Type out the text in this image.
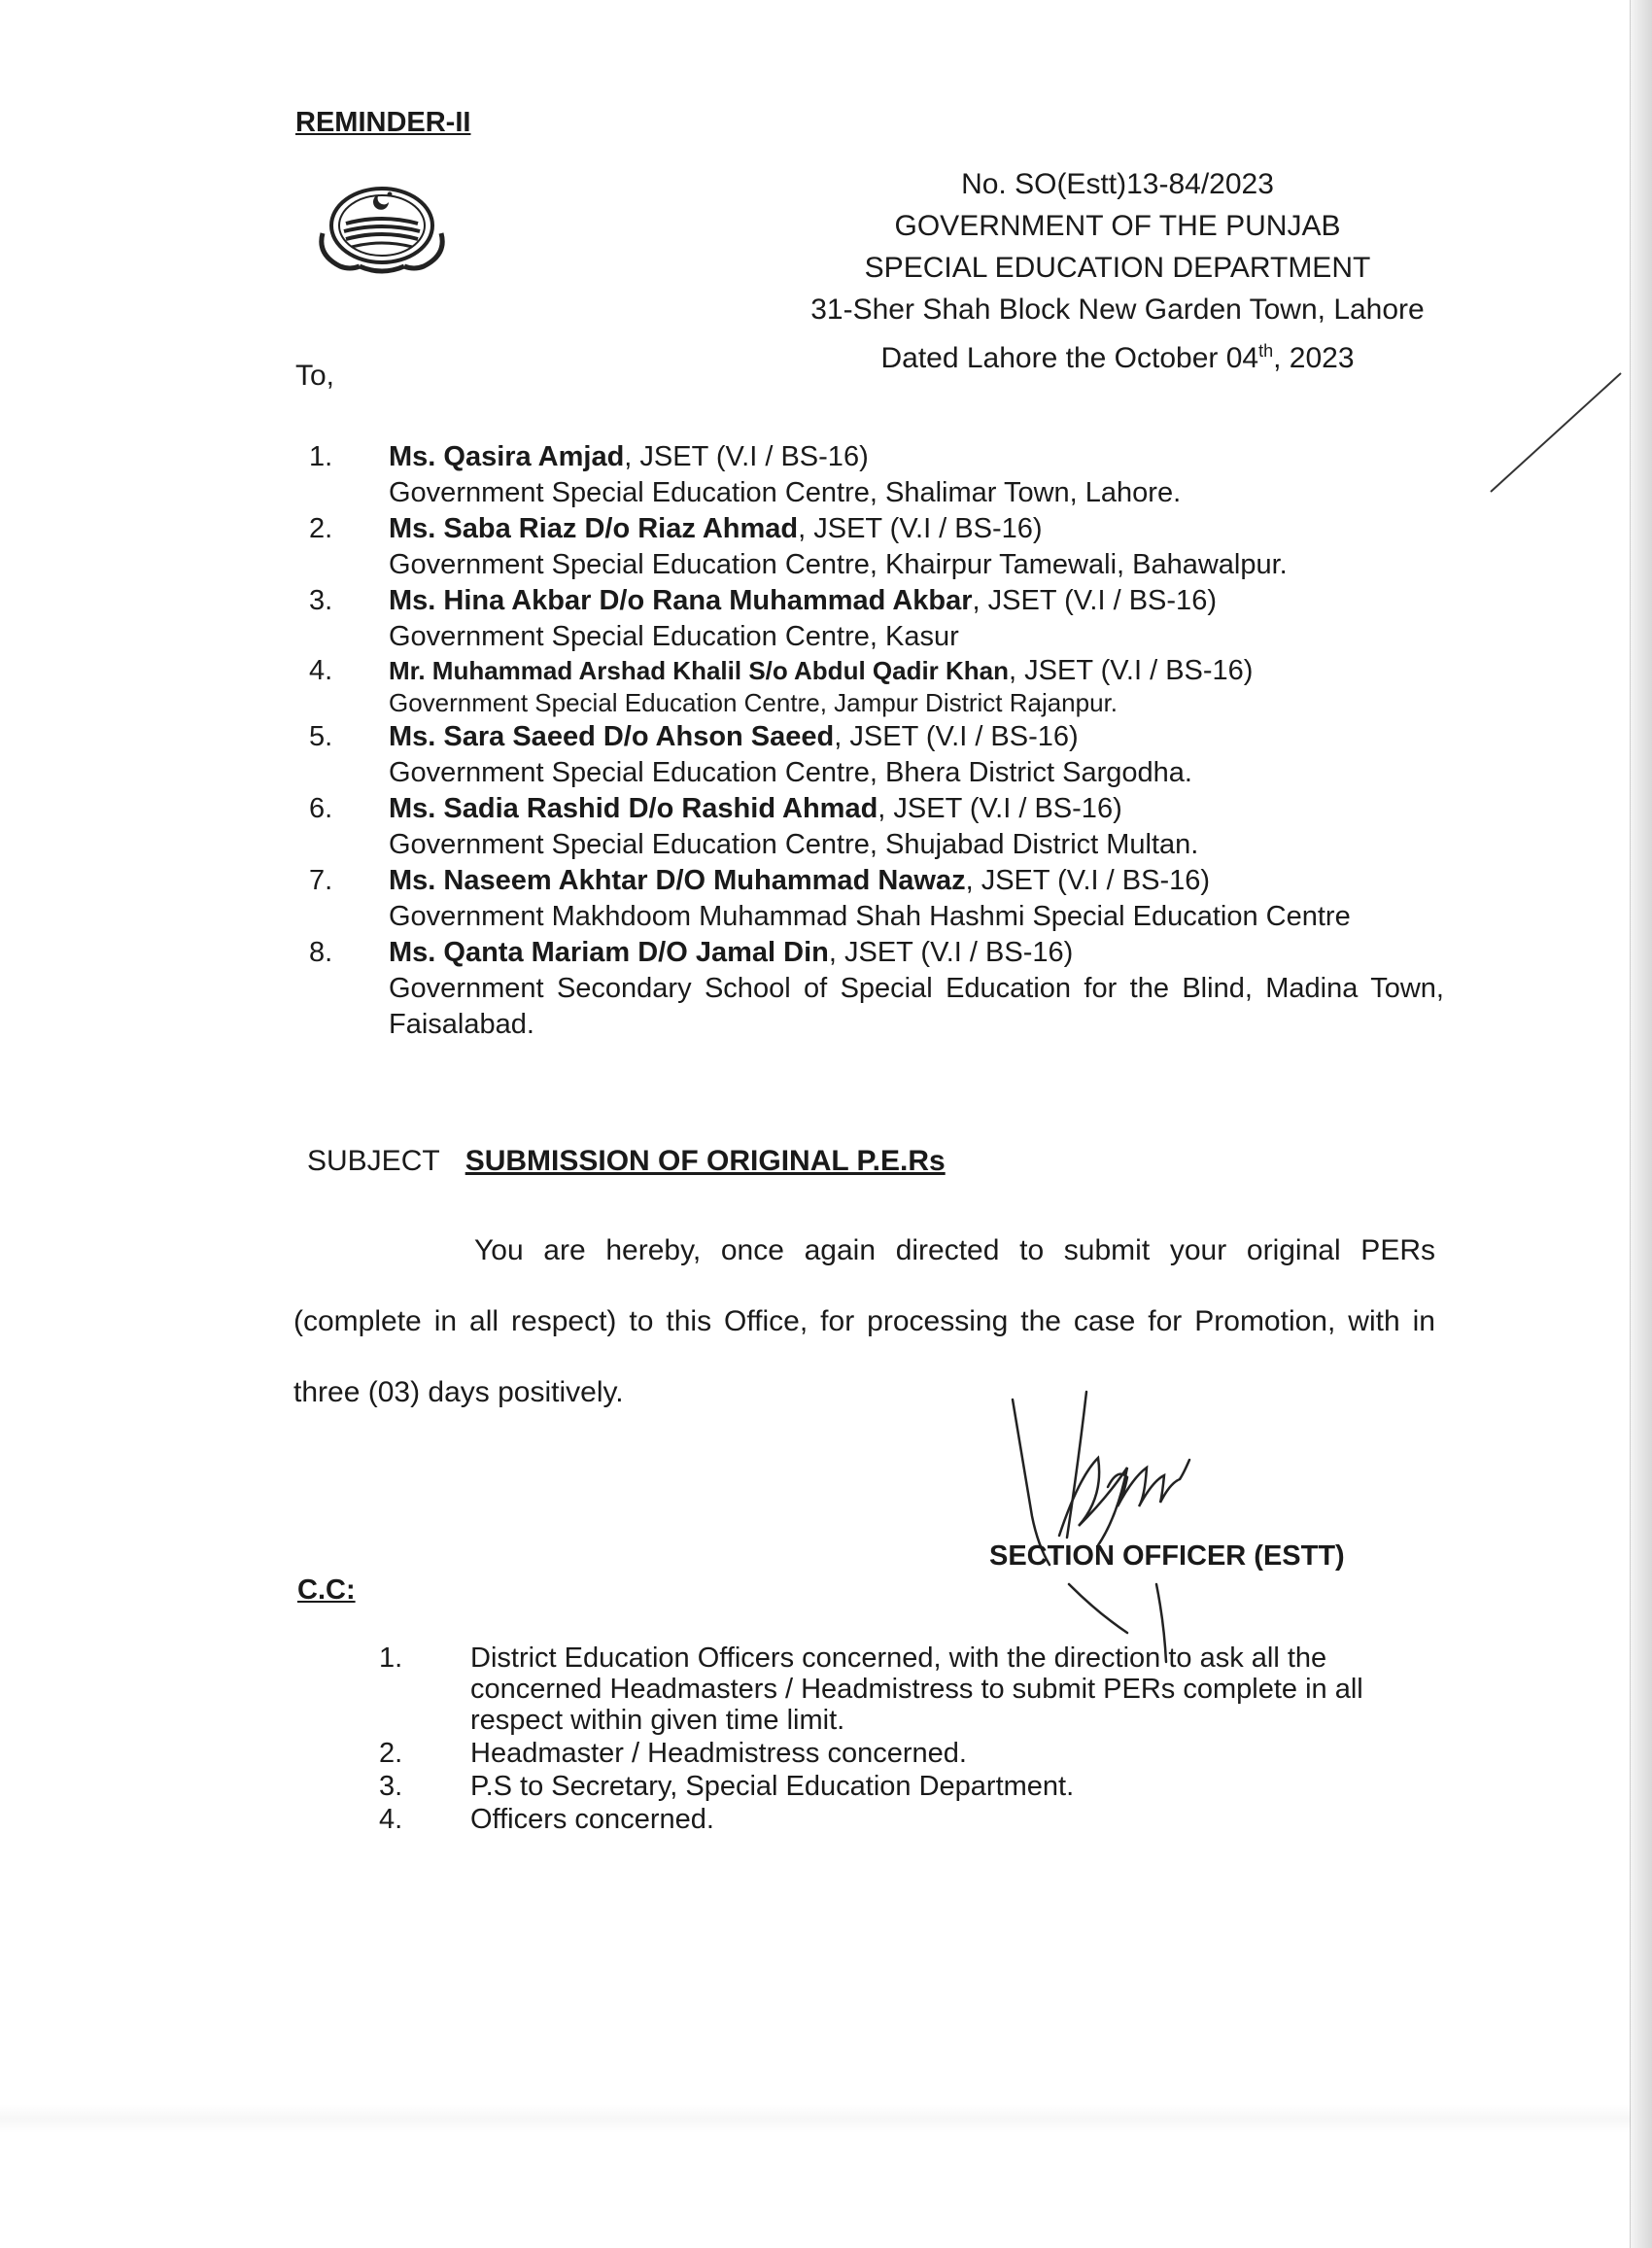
REMINDER-II
No. SO(Estt)13-84/2023
GOVERNMENT OF THE PUNJAB
SPECIAL EDUCATION DEPARTMENT
31-Sher Shah Block New Garden Town, Lahore
Dated Lahore the October 04th, 2023
To,
1.	Ms. Qasira Amjad, JSET (V.I / BS-16)
Government Special Education Centre, Shalimar Town, Lahore.
2.	Ms. Saba Riaz D/o Riaz Ahmad, JSET (V.I / BS-16)
Government Special Education Centre, Khairpur Tamewali, Bahawalpur.
3.	Ms. Hina Akbar D/o Rana Muhammad Akbar, JSET (V.I / BS-16)
Government Special Education Centre, Kasur
4.	Mr. Muhammad Arshad Khalil S/o Abdul Qadir Khan, JSET (V.I / BS-16)
Government Special Education Centre, Jampur District Rajanpur.
5.	Ms. Sara Saeed D/o Ahson Saeed, JSET (V.I / BS-16)
Government Special Education Centre, Bhera District Sargodha.
6.	Ms. Sadia Rashid D/o Rashid Ahmad, JSET (V.I / BS-16)
Government Special Education Centre, Shujabad District Multan.
7.	Ms. Naseem Akhtar D/O Muhammad Nawaz, JSET (V.I / BS-16)
Government Makhdoom Muhammad Shah Hashmi Special Education Centre
8.	Ms. Qanta Mariam D/O Jamal Din, JSET (V.I / BS-16)
Government Secondary School of Special Education for the Blind, Madina Town, Faisalabad.
SUBJECT SUBMISSION OF ORIGINAL P.E.Rs
You are hereby, once again directed to submit your original PERs (complete in all respect) to this Office, for processing the case for Promotion, with in three (03) days positively.
SECTION OFFICER (ESTT)
C.C:
1.	District Education Officers concerned, with the direction to ask all the concerned Headmasters / Headmistress to submit PERs complete in all respect within given time limit.
2.	Headmaster / Headmistress concerned.
3.	P.S to Secretary, Special Education Department.
4.	Officers concerned.
